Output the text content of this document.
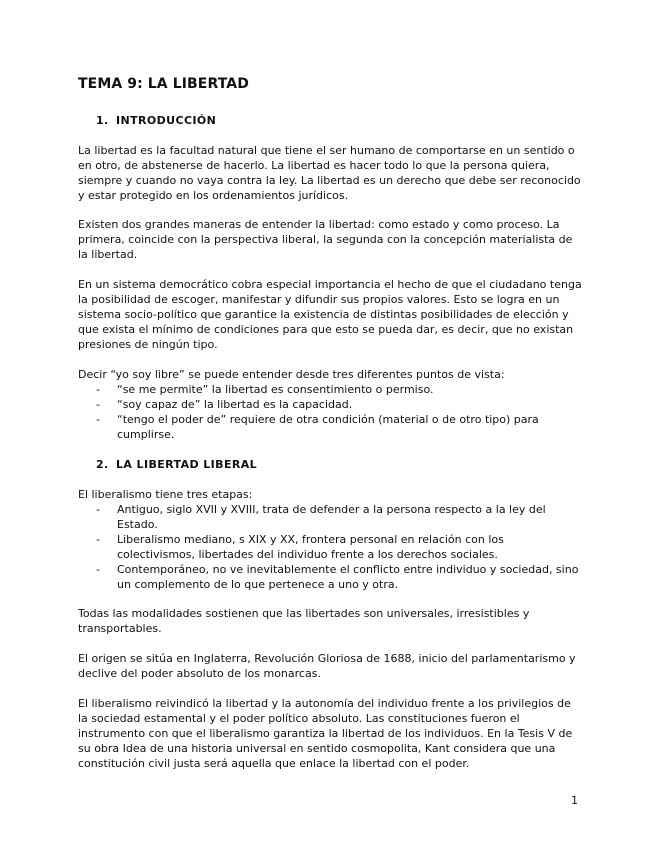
TEMA 9: LA LIBERTAD
1. INTRODUCCIÓN
La libertad es la facultad natural que tiene el ser humano de comportarse en un sentido o en otro, de abstenerse de hacerlo. La libertad es hacer todo lo que la persona quiera, siempre y cuando no vaya contra la ley. La libertad es un derecho que debe ser reconocido y estar protegido en los ordenamientos jurídicos.
Existen dos grandes maneras de entender la libertad: como estado y como proceso. La primera, coincide con la perspectiva liberal, la segunda con la concepción materialista de la libertad.
En un sistema democrático cobra especial importancia el hecho de que el ciudadano tenga la posibilidad de escoger, manifestar y difundir sus propios valores. Esto se logra en un sistema socio-político que garantice la existencia de distintas posibilidades de elección y que exista el mínimo de condiciones para que esto se pueda dar, es decir, que no existan presiones de ningún tipo.
Decir “yo soy libre” se puede entender desde tres diferentes puntos de vista:
- “se me permite” la libertad es consentimiento o permiso.
- “soy capaz de” la libertad es la capacidad.
- “tengo el poder de” requiere de otra condición (material o de otro tipo) para cumplirse.
2. LA LIBERTAD LIBERAL
El liberalismo tiene tres etapas:
- Antiguo, siglo XVII y XVIII, trata de defender a la persona respecto a la ley del Estado.
- Liberalismo mediano, s XIX y XX, frontera personal en relación con los colectivismos, libertades del individuo frente a los derechos sociales.
- Contemporáneo, no ve inevitablemente el conflicto entre individuo y sociedad, sino un complemento de lo que pertenece a uno y otra.
Todas las modalidades sostienen que las libertades son universales, irresistibles y transportables.
El origen se sitúa en Inglaterra, Revolución Gloriosa de 1688, inicio del parlamentarismo y declive del poder absoluto de los monarcas.
El liberalismo reivindicó la libertad y la autonomía del individuo frente a los privilegios de la sociedad estamental y el poder político absoluto. Las constituciones fueron el instrumento con que el liberalismo garantiza la libertad de los individuos. En la Tesis V de su obra Idea de una historia universal en sentido cosmopolita, Kant considera que una constitución civil justa será aquella que enlace la libertad con el poder.
1
